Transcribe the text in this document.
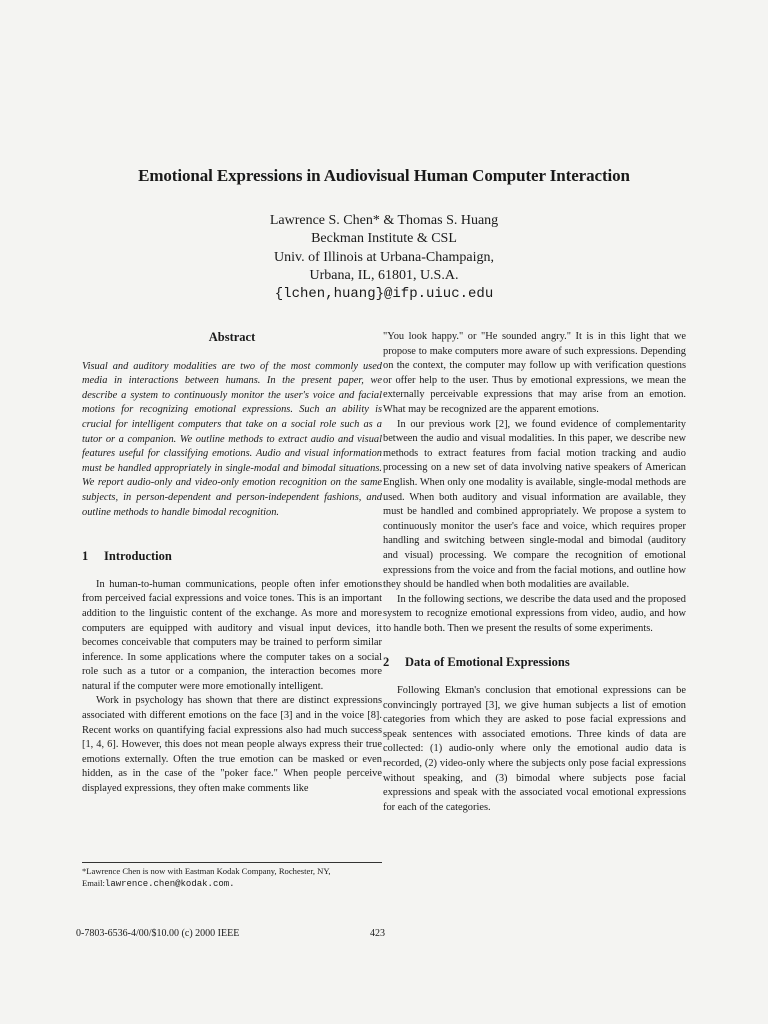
Emotional Expressions in Audiovisual Human Computer Interaction
Lawrence S. Chen* & Thomas S. Huang
Beckman Institute & CSL
Univ. of Illinois at Urbana-Champaign,
Urbana, IL, 61801, U.S.A.
{lchen,huang}@ifp.uiuc.edu
Abstract

Visual and auditory modalities are two of the most commonly used media in interactions between humans. In the present paper, we describe a system to continuously monitor the user's voice and facial motions for recognizing emotional expressions. Such an ability is crucial for intelligent computers that take on a social role such as a tutor or a companion. We outline methods to extract audio and visual features useful for classifying emotions. Audio and visual information must be handled appropriately in single-modal and bimodal situations. We report audio-only and video-only emotion recognition on the same subjects, in person-dependent and person-independent fashions, and outline methods to handle bimodal recognition.

1 Introduction

In human-to-human communications, people often infer emotions from perceived facial expressions and voice tones. This is an important addition to the linguistic content of the exchange. As more and more computers are equipped with auditory and visual input devices, it becomes conceivable that computers may be trained to perform similar inference. In some applications where the computer takes on a social role such as a tutor or a companion, the interaction becomes more natural if the computer were more emotionally intelligent.

Work in psychology has shown that there are distinct expressions associated with different emotions on the face [3] and in the voice [8]. Recent works on quantifying facial expressions also had much success [1, 4, 6]. However, this does not mean people always express their true emotions externally. Often the true emotion can be masked or even hidden, as in the case of the "poker face." When people perceive displayed expressions, they often make comments like

"You look happy." or "He sounded angry." It is in this light that we propose to make computers more aware of such expressions. Depending on the context, the computer may follow up with verification questions or offer help to the user. Thus by emotional expressions, we mean the externally perceivable expressions that may arise from an emotion. What may be recognized are the apparent emotions.

In our previous work [2], we found evidence of complementarity between the audio and visual modalities. In this paper, we describe new methods to extract features from facial motion tracking and audio processing on a new set of data involving native speakers of American English. When only one modality is available, single-modal methods are used. When both auditory and visual information are available, they must be handled and combined appropriately. We propose a system to continuously monitor the user's face and voice, which requires proper handling and switching between single-modal and bimodal (auditory and visual) processing. We compare the recognition of emotional expressions from the voice and from the facial motions, and outline how they should be handled when both modalities are available.

In the following sections, we describe the data used and the proposed system to recognize emotional expressions from video, audio, and how to handle both. Then we present the results of some experiments.

2 Data of Emotional Expressions

Following Ekman's conclusion that emotional expressions can be convincingly portrayed [3], we give human subjects a list of emotion categories from which they are asked to pose facial expressions and speak sentences with associated emotions. Three kinds of data are collected: (1) audio-only where only the emotional audio data is recorded, (2) video-only where the subjects only pose facial expressions without speaking, and (3) bimodal where subjects pose facial expressions and speak with the associated vocal emotional expressions for each of the categories.

*Lawrence Chen is now with Eastman Kodak Company, Rochester, NY,
Email:lawrence.chen@kodak.com.
0-7803-6536-4/00/$10.00 (c) 2000 IEEE	423
